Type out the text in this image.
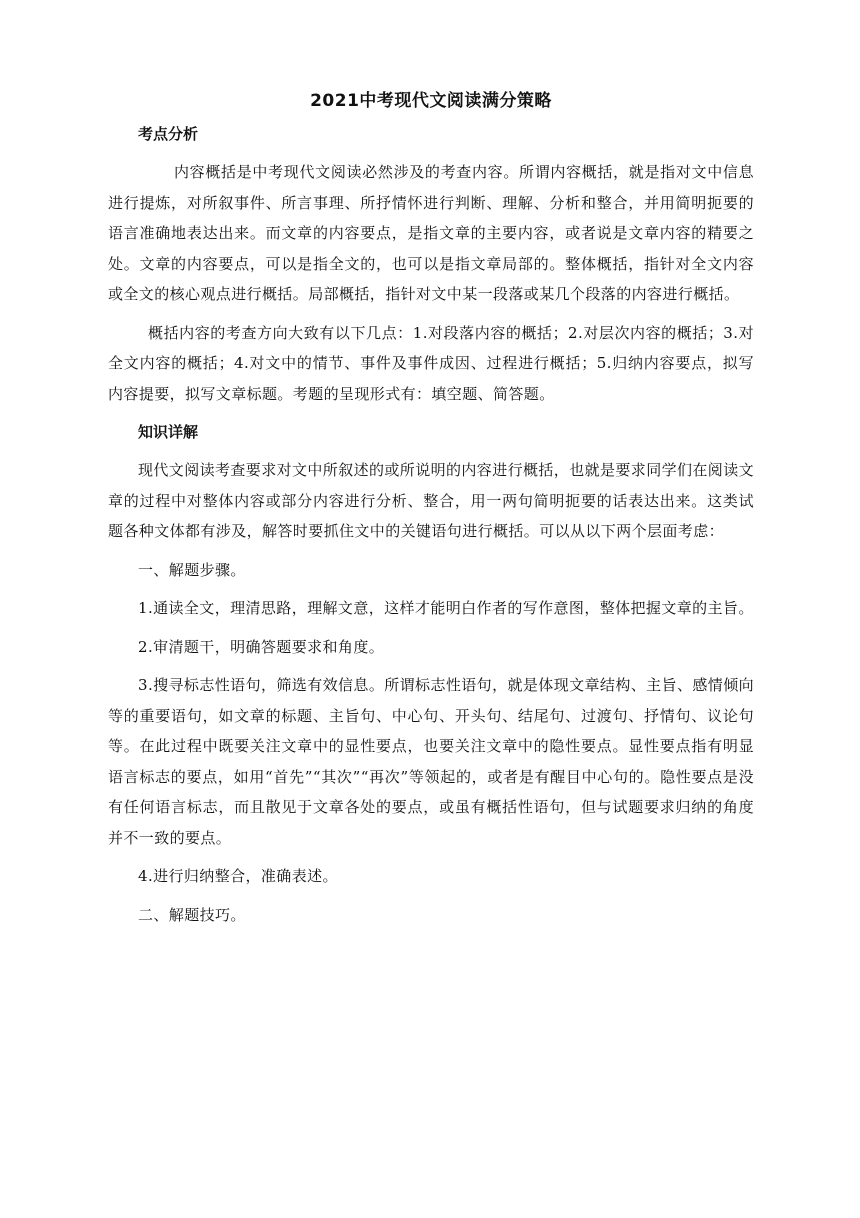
2021中考现代文阅读满分策略
考点分析

内容概括是中考现代文阅读必然涉及的考查内容。所谓内容概括，就是指对文中信息进行提炼，对所叙事件、所言事理、所抒情怀进行判断、理解、分析和整合，并用简明扼要的语言准确地表达出来。而文章的内容要点，是指文章的主要内容，或者说是文章内容的精要之处。文章的内容要点，可以是指全文的，也可以是指文章局部的。整体概括，指针对全文内容或全文的核心观点进行概括。局部概括，指针对文中某一段落或某几个段落的内容进行概括。

概括内容的考查方向大致有以下几点：1.对段落内容的概括；2.对层次内容的概括；3.对全文内容的概括；4.对文中的情节、事件及事件成因、过程进行概括；5.归纳内容要点，拟写内容提要，拟写文章标题。考题的呈现形式有：填空题、简答题。

知识详解

现代文阅读考查要求对文中所叙述的或所说明的内容进行概括，也就是要求同学们在阅读文章的过程中对整体内容或部分内容进行分析、整合，用一两句简明扼要的话表达出来。这类试题各种文体都有涉及，解答时要抓住文中的关键语句进行概括。可以从以下两个层面考虑：

一、解题步骤。

1.通读全文，理清思路，理解文意，这样才能明白作者的写作意图，整体把握文章的主旨。

2.审清题干，明确答题要求和角度。

3.搜寻标志性语句，筛选有效信息。所谓标志性语句，就是体现文章结构、主旨、感情倾向等的重要语句，如文章的标题、主旨句、中心句、开头句、结尾句、过渡句、抒情句、议论句等。在此过程中既要关注文章中的显性要点，也要关注文章中的隐性要点。显性要点指有明显语言标志的要点，如用“首先”“其次”“再次”等领起的，或者是有醒目中心句的。隐性要点是没有任何语言标志，而且散见于文章各处的要点，或虽有概括性语句，但与试题要求归纳的角度并不一致的要点。

4.进行归纳整合，准确表述。

二、解题技巧。
